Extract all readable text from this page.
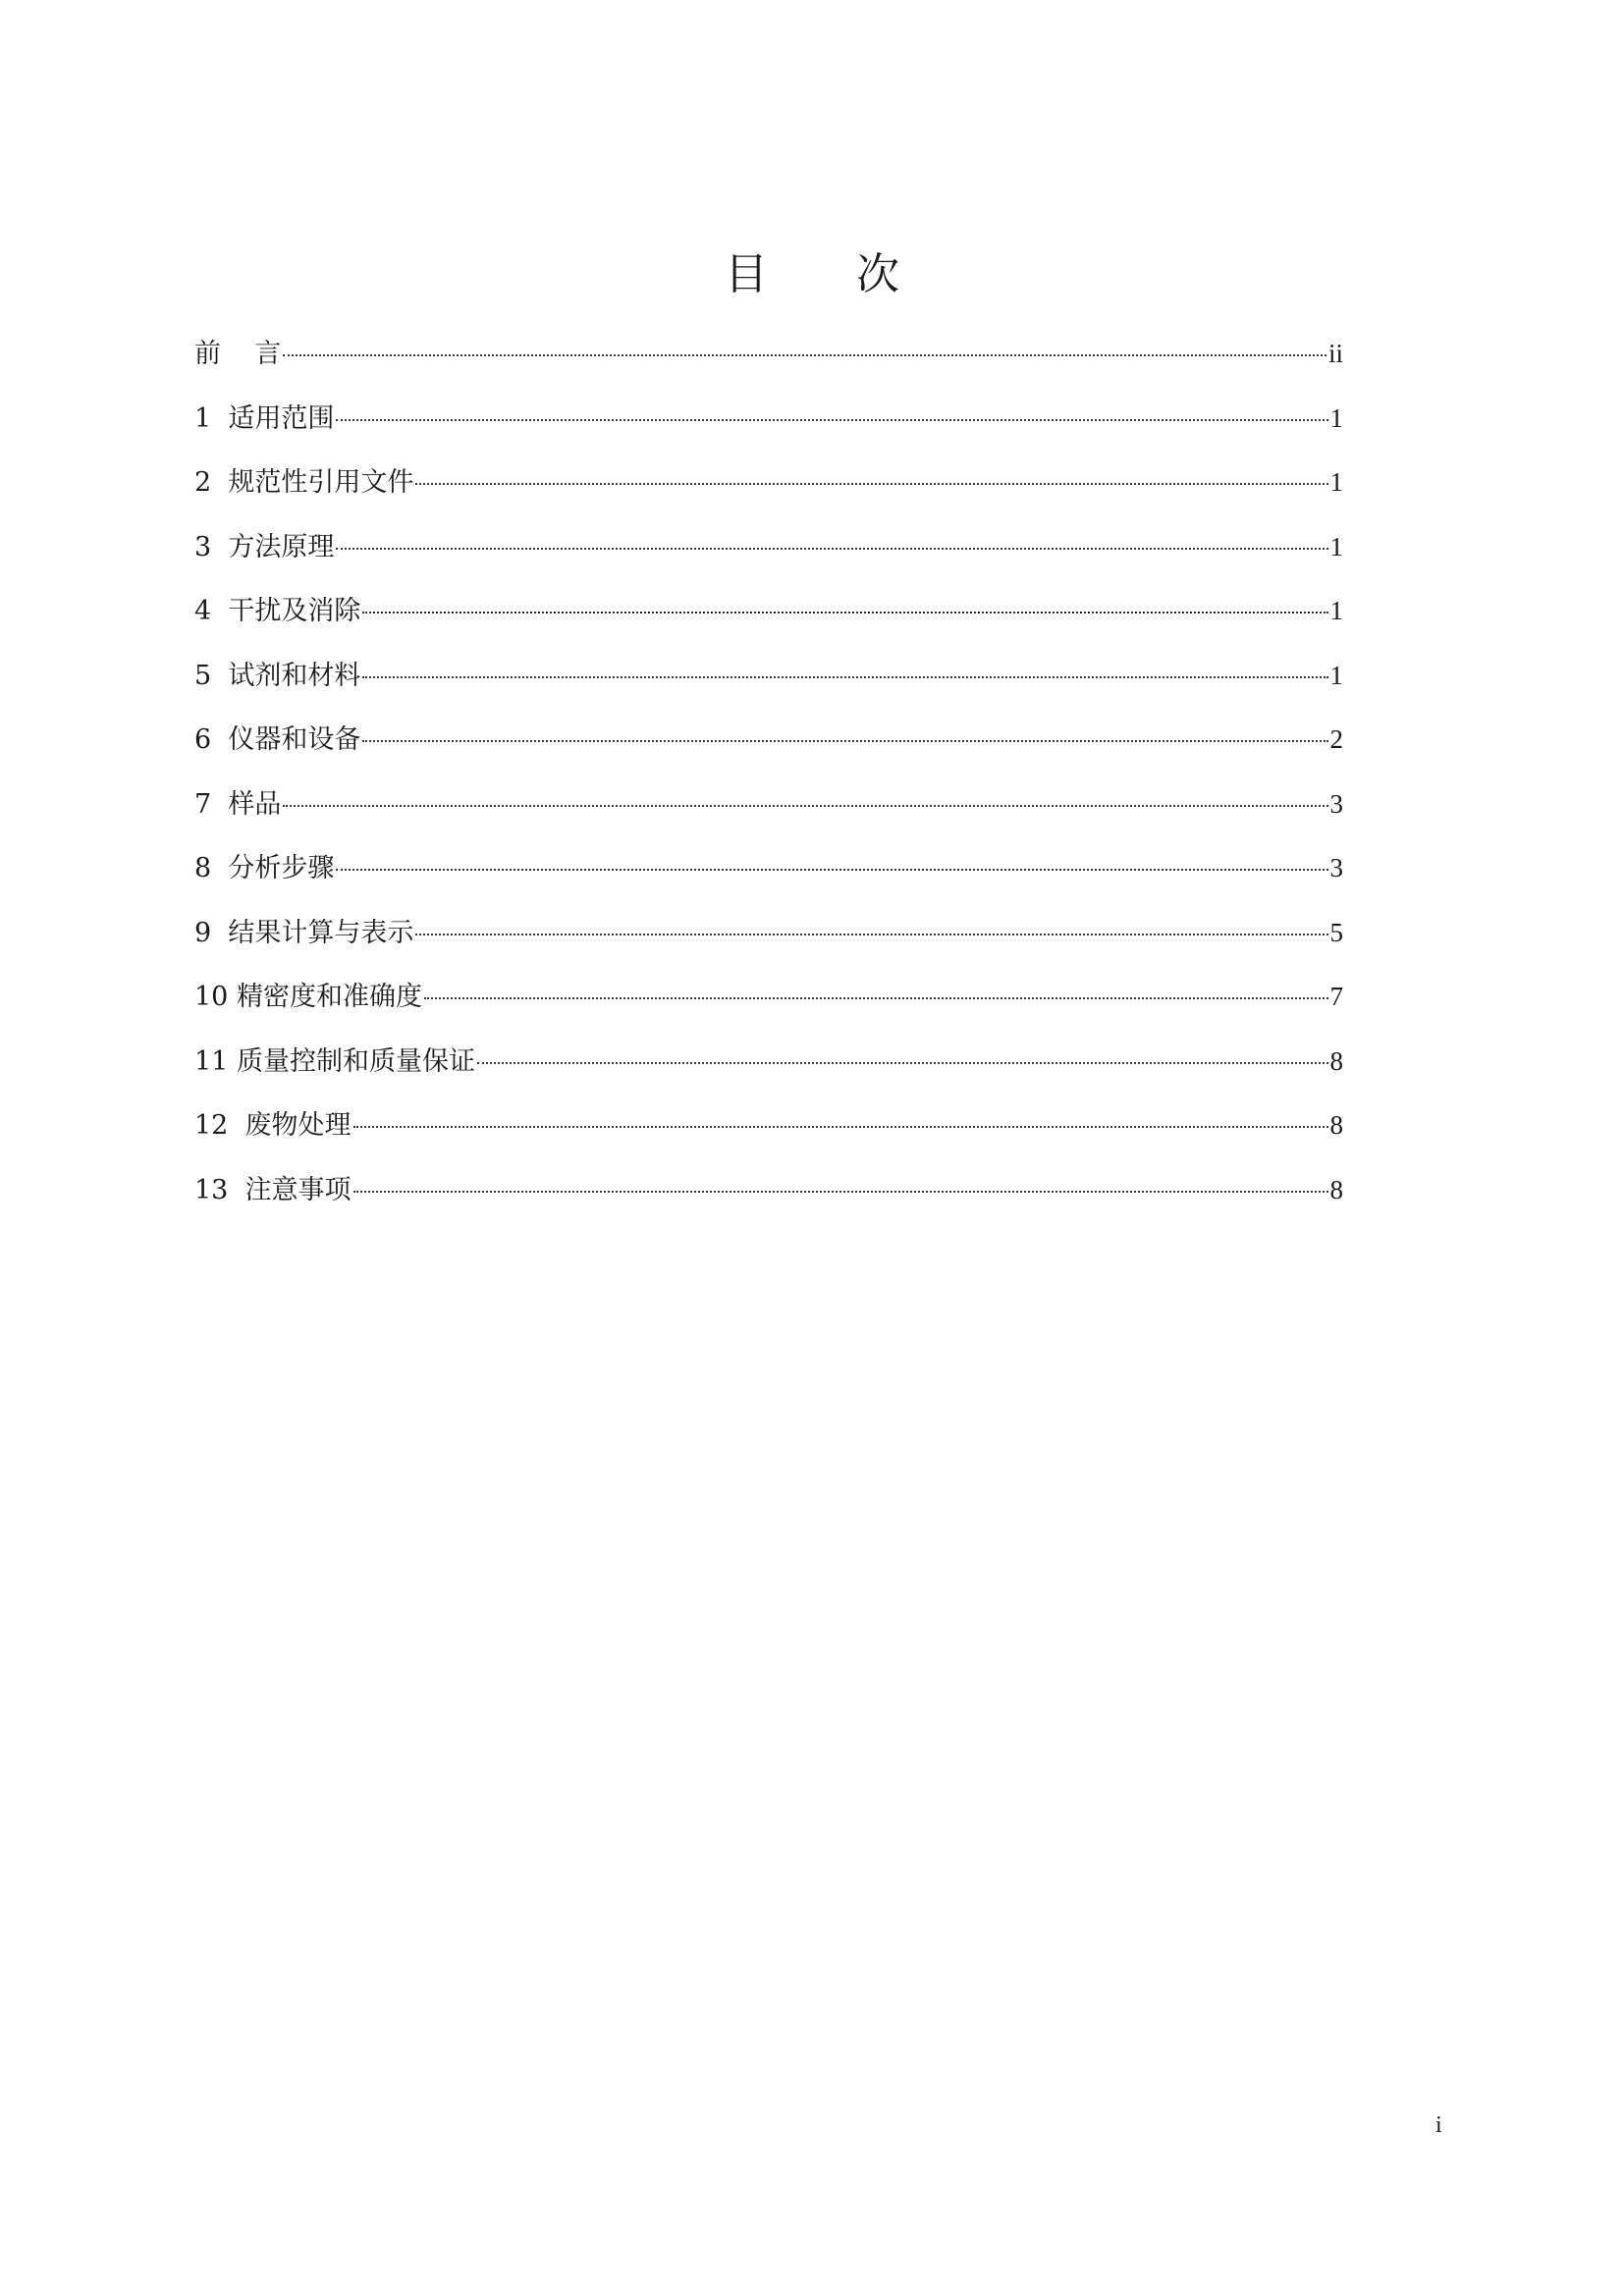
目 次
前    言	ii
1  适用范围	1
2  规范性引用文件	1
3  方法原理	1
4  干扰及消除	1
5  试剂和材料	1
6  仪器和设备	2
7  样品	3
8  分析步骤	3
9  结果计算与表示	5
10 精密度和准确度	7
11 质量控制和质量保证	8
12  废物处理	8
13  注意事项	8
i
